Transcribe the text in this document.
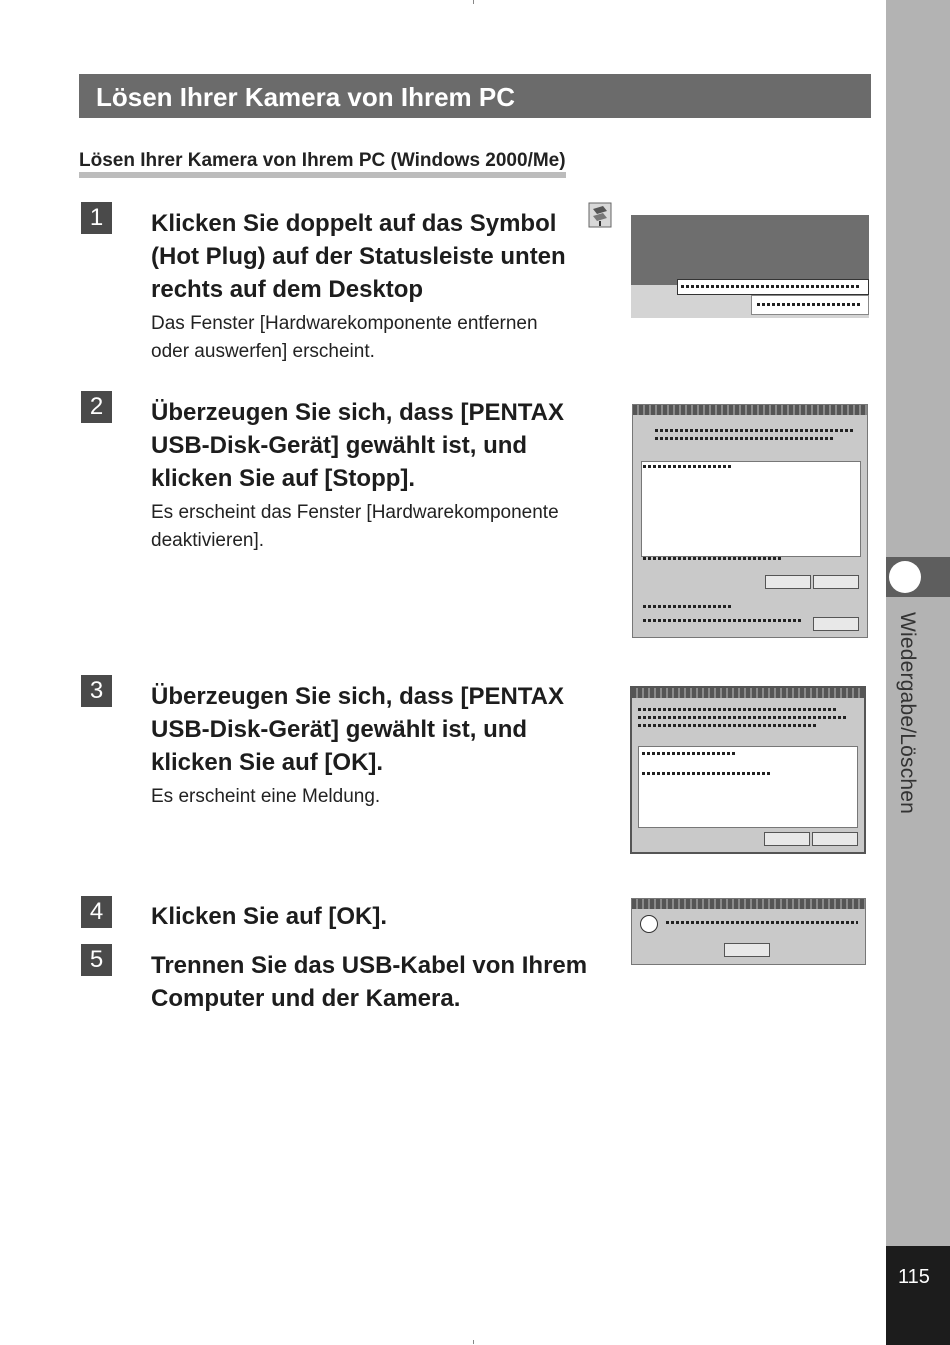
Wiedergabe/Löschen
115
Lösen Ihrer Kamera von Ihrem PC
Lösen Ihrer Kamera von Ihrem PC (Windows 2000/Me)
1	Klicken Sie doppelt auf das Symbol
(Hot Plug) auf der Statusleiste unten
rechts auf dem Desktop
Das Fenster [Hardwarekomponente entfernen
oder auswerfen] erscheint.
2	Überzeugen Sie sich, dass [PENTAX
USB-Disk-Gerät] gewählt ist, und
klicken Sie auf [Stopp].
Es erscheint das Fenster [Hardwarekomponente
deaktivieren].
3	Überzeugen Sie sich, dass [PENTAX
USB-Disk-Gerät] gewählt ist, und
klicken Sie auf [OK].
Es erscheint eine Meldung.
4	Klicken Sie auf [OK].
5	Trennen Sie das USB-Kabel von Ihrem
Computer und der Kamera.
